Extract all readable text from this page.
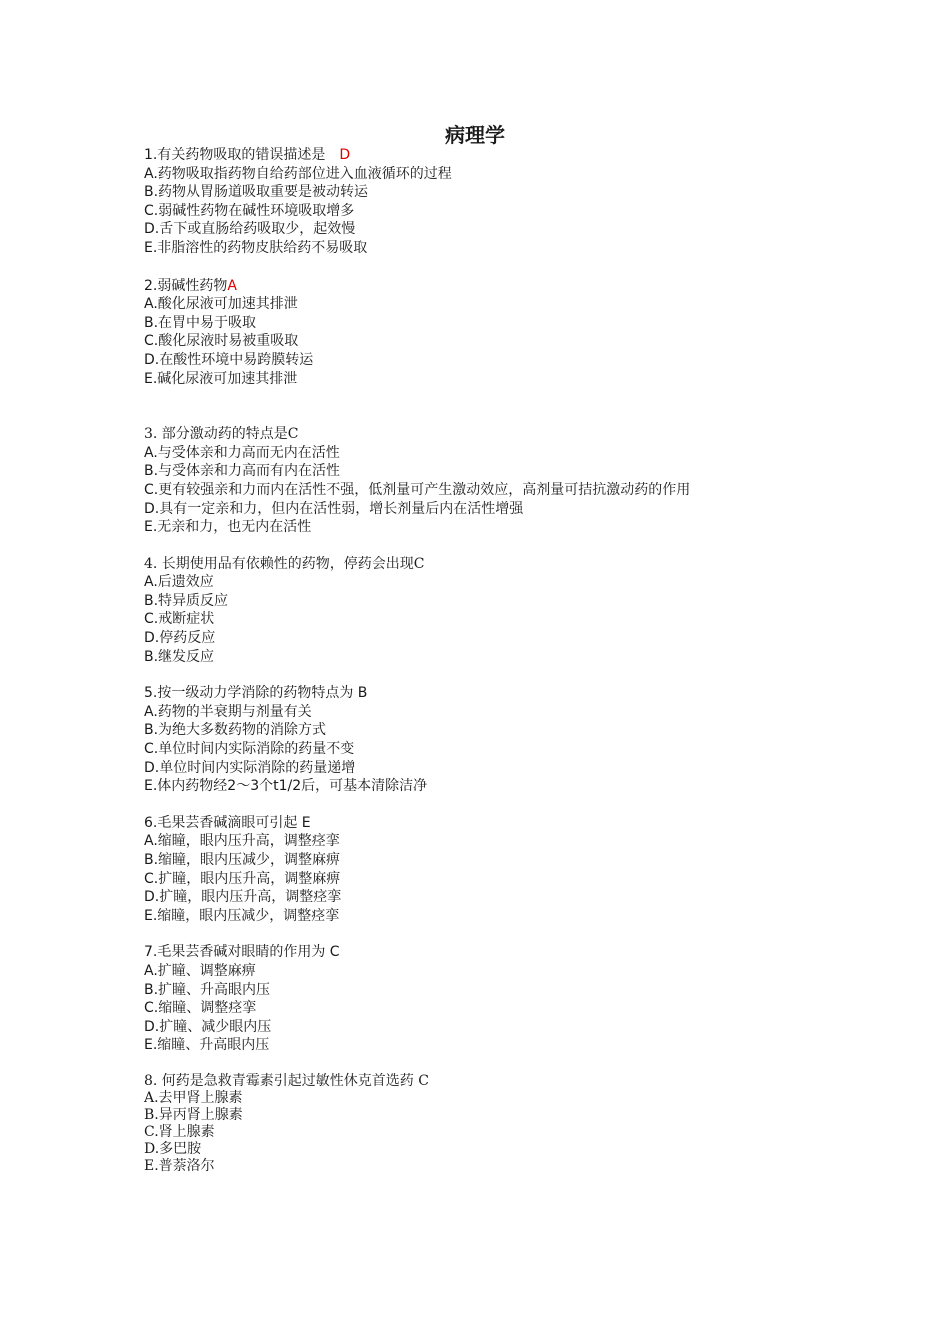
病理学

1.有关药物吸取的错误描述是 D

A.药物吸取指药物自给药部位进入血液循环的过程

B.药物从胃肠道吸取重要是被动转运

C.弱碱性药物在碱性环境吸取增多

D.舌下或直肠给药吸取少，起效慢

E.非脂溶性的药物皮肤给药不易吸取

2.弱碱性药物A

A.酸化尿液可加速其排泄

B.在胃中易于吸取

C.酸化尿液时易被重吸取

D.在酸性环境中易跨膜转运

E.碱化尿液可加速其排泄

3. 部分激动药的特点是C

A.与受体亲和力高而无内在活性

B.与受体亲和力高而有内在活性

C.更有较强亲和力而内在活性不强，低剂量可产生激动效应，高剂量可拮抗激动药的作用

D.具有一定亲和力，但内在活性弱，增长剂量后内在活性增强

E.无亲和力，也无内在活性

4. 长期使用品有依赖性的药物，停药会出现C

A.后遗效应

B.特异质反应

C.戒断症状

D.停药反应

B.继发反应

5.按一级动力学消除的药物特点为 B

A.药物的半衰期与剂量有关

B.为绝大多数药物的消除方式

C.单位时间内实际消除的药量不变

D.单位时间内实际消除的药量递增

E.体内药物经2～3个t1/2后，可基本清除洁净

6.毛果芸香碱滴眼可引起 E

A.缩瞳，眼内压升高，调整痉挛

B.缩瞳，眼内压减少，调整麻痹

C.扩瞳，眼内压升高，调整麻痹

D.扩瞳，眼内压升高，调整痉挛

E.缩瞳，眼内压减少，调整痉挛

7.毛果芸香碱对眼睛的作用为 C

A.扩瞳、调整麻痹

B.扩瞳、升高眼内压

C.缩瞳、调整痉挛

D.扩瞳、减少眼内压

E.缩瞳、升高眼内压

8. 何药是急救青霉素引起过敏性休克首选药 C

A.去甲肾上腺素

B.异丙肾上腺素

C.肾上腺素

D.多巴胺

E.普萘洛尔
